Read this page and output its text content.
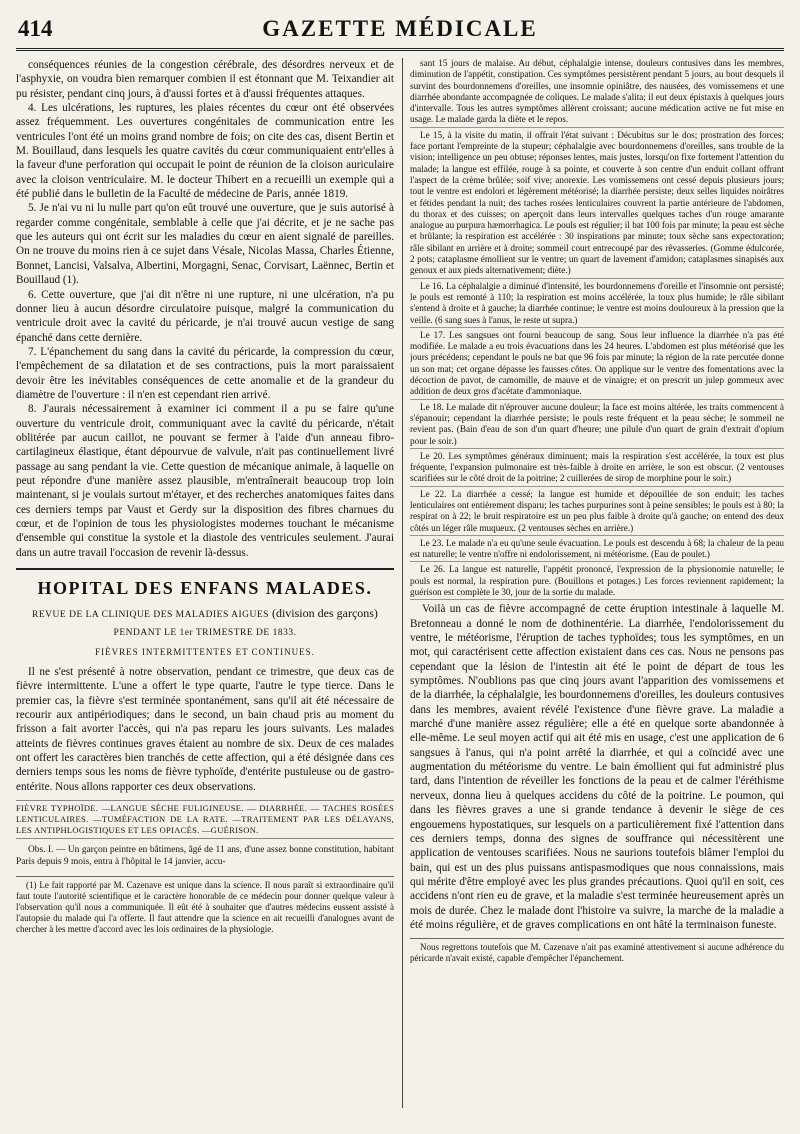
414	GAZETTE MÉDICALE

conséquences réunies de la congestion cérébrale, des désordres nerveux et de l'asphyxie, on voudra bien remarquer combien il est étonnant que M. Teixandier ait pu résister, pendant cinq jours, à d'aussi fortes et à d'aussi fréquentes attaques.

4. Les ulcérations, les ruptures, les plaies récentes du cœur ont été observées assez fréquemment. Les ouvertures congénitales de communication entre les ventricules l'ont été un moins grand nombre de fois; on cite des cas, disent Bertin et M. Bouillaud, dans lesquels les quatre cavités du cœur communiquaient entr'elles à la faveur d'une perforation qui occupait le point de réunion de la cloison auriculaire avec la cloison ventriculaire. M. le docteur Thibert en a recueilli un exemple qui a été publié dans le bulletin de la Faculté de médecine de Paris, année 1819.

5. Je n'ai vu ni lu nulle part qu'on eût trouvé une ouverture, que je suis autorisé à regarder comme congénitale, semblable à celle que j'ai décrite, et je ne sache pas que les auteurs qui ont écrit sur les maladies du cœur en aient signalé de pareilles. On ne trouve du moins rien à ce sujet dans Vésale, Nicolas Massa, Charles Étienne, Bonnet, Lancisi, Valsalva, Albertini, Morgagni, Senac, Corvisart, Laënnec, Bertin et Bouillaud (1).

6. Cette ouverture, que j'ai dit n'être ni une rupture, ni une ulcération, n'a pu donner lieu à aucun désordre circulatoire puisque, malgré la communication du ventricule droit avec la cavité du péricarde, je n'ai trouvé aucun vestige de sang épanché dans cette dernière.

7. L'épanchement du sang dans la cavité du péricarde, la compression du cœur, l'empêchement de sa dilatation et de ses contractions, puis la mort paraissaient devoir être les inévitables conséquences de cette anomalie et de la grandeur du diamètre de l'ouverture : il n'en est cependant rien arrivé.

8. J'aurais nécessairement à examiner ici comment il a pu se faire qu'une ouverture du ventricule droit, communiquant avec la cavité du péricarde, n'était oblitérée par aucun caillot, ne pouvant se fermer à l'aide d'un anneau fibro-cartilagineux élastique, étant dépourvue de valvule, n'ait pas continuellement livré passage au sang pendant la vie. Cette question de mécanique animale, à laquelle on peut répondre d'une manière assez plausible, m'entraînerait beaucoup trop loin maintenant, si je voulais surtout m'étayer, et des recherches anatomiques faites dans ces derniers temps par Vaust et Gerdy sur la disposition des fibres charnues du cœur, et de l'opinion de tous les physiologistes modernes touchant le mécanisme d'ensemble qui constitue la systole et la diastole des ventricules seulement. J'aurai dans un autre travail l'occasion de revenir là-dessus.

HOPITAL DES ENFANS MALADES.
REVUE DE LA CLINIQUE DES MALADIES AIGUES (division des garçons) PENDANT LE 1er TRIMESTRE DE 1833.
FIÈVRES INTERMITTENTES ET CONTINUES.

Il ne s'est présenté à notre observation, pendant ce trimestre, que deux cas de fièvre intermittente. L'une a offert le type quarte, l'autre le type tierce. Dans le premier cas, la fièvre s'est terminée spontanément, sans qu'il ait été nécessaire de recourir aux antipériodiques; dans le second, un bain chaud pris au moment du frisson a fait avorter l'accès, qui n'a pas reparu les jours suivants. Les malades atteints de fièvres continues graves étaient au nombre de six. Deux de ces malades ont offert les caractères bien tranchés de cette affection, qui a été désignée dans ces derniers temps sous les noms de fièvre typhoïde, d'entérite pustuleuse ou de gastro-entérite. Nous allons rapporter ces deux observations.

FIÈVRE TYPHOÏDE. —LANGUE SÈCHE FULIGINEUSE. — DIARRHÉE. — TACHES ROSÉES LENTICULAIRES. —TUMÉFACTION DE LA RATE. —TRAITEMENT PAR LES DÉLAYANS, LES ANTIPHLOGISTIQUES ET LES OPIACÉS. —GUÉRISON.

Obs. I. — Un garçon peintre en bâtimens, âgé de 11 ans, d'une assez bonne constitution, habitant Paris depuis 9 mois, entra à l'hôpital le 14 janvier, accu-

(1) Le fait rapporté par M. Cazenave est unique dans la science. Il nous paraît si extraordinaire qu'il faut toute l'autorité scientifique et le caractère honorable de ce médecin pour donner quelque valeur à l'observation qu'il nous a communiquée. Il eût été à souhaiter que d'autres médecins eussent assisté à l'autopsie du malade qui l'a offerte. Il faut attendre que la science en ait recueilli d'analogues avant de chercher à les mettre d'accord avec les lois ordinaires de la physiologie.

sant 15 jours de malaise. Au début, céphalalgie intense, douleurs contusives dans les membres, diminution de l'appétit, constipation. Ces symptômes persistèrent pendant 5 jours, au bout desquels il survint des bourdonnemens d'oreilles, une insomnie opiniâtre, des nausées, des vomissemens et une diarrhée abondante accompagnée de coliques. Le malade s'alita; il eut deux épistaxis à quelques jours d'intervalle. Tous les autres symptômes allèrent croissant; aucune médication active ne fut mise en usage. Le malade garda la diète et le repos.

Le 15, à la visite du matin, il offrait l'état suivant : Décubitus sur le dos; prostration des forces; face portant l'empreinte de la stupeur; céphalalgie avec bourdonnemens d'oreilles, sans trouble de la vision; intelligence un peu obtuse; réponses lentes, mais justes, lorsqu'on fixe fortement l'attention du malade; la langue est effilée, rouge à sa pointe, et couverte à son centre d'un enduit collant offrant l'aspect de la crème brûlée; soif vive; anorexie. Les vomissemens ont cessé depuis plusieurs jours; tout le ventre est endolori et légèrement météorisé; la diarrhée persiste; deux selles liquides noirâtres et fétides pendant la nuit; des taches rosées lenticulaires couvrent la partie antérieure de l'abdomen, du thorax et des cuisses; on aperçoit dans leurs intervalles quelques taches d'un rouge amarante analogue au purpura hæmorrhagica. Le pouls est régulier; il bat 100 fois par minute; la peau est sèche et brûlante; la respiration est accélérée : 30 inspirations par minute; toux sèche sans expectoration; râle sibilant en arrière et à droite; sommeil court entrecoupé par des rêvasseries. (Gomme édulcorée, 2 pots; cataplasme émollient sur le ventre; un quart de lavement d'amidon; cataplasmes sinapisés aux genoux et aux pieds alternativement; diète.)

Le 16. La céphalalgie a diminué d'intensité, les bourdonnemens d'oreille et l'insomnie ont persisté; le pouls est remonté à 110; la respiration est moins accélérée, la toux plus humide; le râle sibilant s'entend à droite et à gauche; la diarrhée continue; le ventre est moins douloureux à la pression que la veille. (6 sang sues à l'anus, le reste ut supra.)

Le 17. Les sangsues ont fourni beaucoup de sang. Sous leur influence la diarrhée n'a pas été modifiée. Le malade a eu trois évacuations dans les 24 heures. L'abdomen est plus météorisé que les jours précédens; cependant le pouls ne bat que 96 fois par minute; la région de la rate percutée donne un son mat; cet organe dépasse les fausses côtes. On applique sur le ventre des fomentations avec la décoction de pavot, de camomille, de mauve et de vinaigre; et on prescrit un julep gommeux avec addition de deux gros d'acétate d'ammoniaque.

Le 18. Le malade dit n'éprouver aucune douleur; la face est moins altérée, les traits commencent à s'épanouir; cependant la diarrhée persiste; le pouls reste fréquent et la peau sèche; le sommeil ne revient pas. (Bain d'eau de son d'un quart d'heure; une pilule d'un quart de grain d'extrait d'opium pour le soir.)

Le 20. Les symptômes généraux diminuent; mais la respiration s'est accélérée, la toux est plus fréquente, l'expansion pulmonaire est très-faible à droite en arrière, le son est obscur. (2 ventouses scarifiées sur le côté droit de la poitrine; 2 cuillerées de sirop de morphine pour le soir.)

Le 22. La diarrhée a cessé; la langue est humide et dépouillée de son enduit; les taches lenticulaires ont entièrement disparu; les taches purpurines sont à peine sensibles; le pouls est à 80; la respirat on à 22; le bruit respiratoire est un peu plus faible à droite qu'à gauche; on entend des deux côtés un léger râle muqueux. (2 ventouses sèches en arrière.)

Le 23. Le malade n'a eu qu'une seule évacuation. Le pouls est descendu à 68; la chaleur de la peau est naturelle; le ventre n'offre ni endolorissement, ni météorisme. (Eau de poulet.)

Le 26. La langue est naturelle, l'appétit prononcé, l'expression de la physionomie naturelle; le pouls est normal, la respiration pure. (Bouillons et potages.) Les forces reviennent rapidement; la guérison est complète le 30, jour de la sortie du malade.

Voilà un cas de fièvre accompagné de cette éruption intestinale à laquelle M. Bretonneau a donné le nom de dothinentérie. La diarrhée, l'endolorissement du ventre, le météorisme, l'éruption de taches typhoïdes; tous les symptômes, en un mot, qui caractérisent cette affection existaient dans ces cas. Nous ne pensons pas cependant que la lésion de l'intestin ait été le point de départ de tous les symptômes. N'oublions pas que cinq jours avant l'apparition des vomissemens et de la diarrhée, la céphalalgie, les bourdonnemens d'oreilles, les douleurs contusives dans les membres, avaient révélé l'existence d'une fièvre grave. La maladie a marché d'une manière assez régulière; elle a été en quelque sorte abandonnée à elle-même. Le seul moyen actif qui ait été mis en usage, c'est une application de 6 sangsues à l'anus, qui n'a point arrêté la diarrhée, et qui a coïncidé avec une augmentation du météorisme du ventre. Le bain émollient qui fut administré plus tard, dans l'intention de réveiller les fonctions de la peau et de calmer l'éréthisme nerveux, donna lieu à quelques accidens du côté de la poitrine. Le poumon, qui dans les fièvres graves a une si grande tendance à devenir le siège de ces engouemens hypostatiques, sur lesquels on a particulièrement fixé l'attention dans ces derniers temps, donna des signes de souffrance qui nécessitèrent une application de ventouses scarifiées. Nous ne saurions toutefois blâmer l'emploi du bain, qui est un des plus puissans antispasmodiques que nous connaissions, mais qui mérite d'être employé avec les plus grandes précautions. Quoi qu'il en soit, ces accidens n'ont rien eu de grave, et la maladie s'est terminée heureusement après un mois de durée. Chez le malade dont l'histoire va suivre, la marche de la maladie a été moins régulière, et de graves complications en ont hâté la terminaison funeste.

Nous regrettons toutefois que M. Cazenave n'ait pas examiné attentivement si aucune adhérence du péricarde n'avait existé, capable d'empêcher l'épanchement.
